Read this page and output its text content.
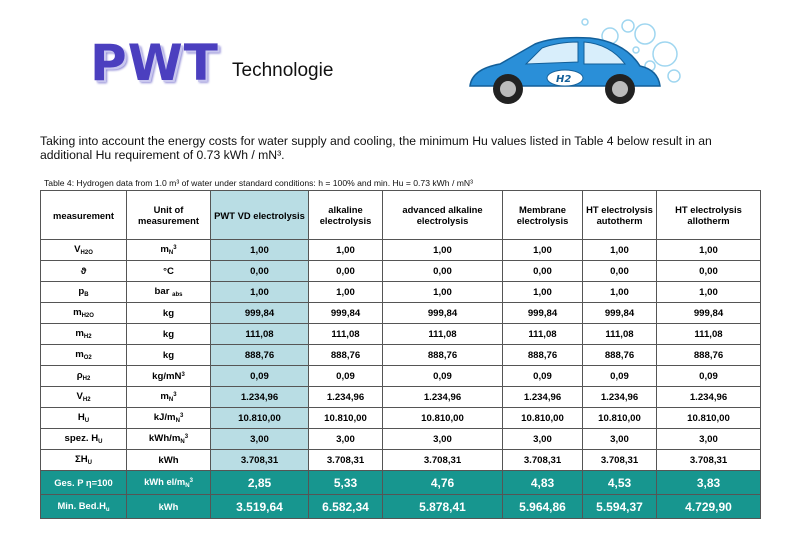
PWT Technologie	H2
Taking into account the energy costs for water supply and cooling, the minimum Hu values listed in Table 4 below result in an additional Hu requirement of 0.73 kWh / mN³.
Table 4: Hydrogen data from 1.0 m³ of water under standard conditions: h = 100% and min. Hu = 0.73 kWh / mN³
measurement	Unit of measurement	PWT VD electrolysis	alkaline electrolysis	advanced alkaline electrolysis	Membrane electrolysis	HT electrolysis autotherm	HT electrolysis allotherm
$V_{H2O}$	$m_N^3$	1,00	1,00	1,00	1,00	1,00	1,00
ϑ	°C	0,00	0,00	0,00	0,00	0,00	0,00
$p_B$	bar $_{abs}$	1,00	1,00	1,00	1,00	1,00	1,00
$m_{H2O}$	kg	999,84	999,84	999,84	999,84	999,84	999,84
$m_{H2}$	kg	111,08	111,08	111,08	111,08	111,08	111,08
$m_{O2}$	kg	888,76	888,76	888,76	888,76	888,76	888,76
$\rho_{H2}$	$kg/mN^3$	0,09	0,09	0,09	0,09	0,09	0,09
$V_{H2}$	$m_N^3$	1.234,96	1.234,96	1.234,96	1.234,96	1.234,96	1.234,96
$H_U$	$kJ/m_N^3$	10.810,00	10.810,00	10.810,00	10.810,00	10.810,00	10.810,00
spez. $H_U$	kWh/$m_N^3$	3,00	3,00	3,00	3,00	3,00	3,00
$\Sigma H_U$	kWh	3.708,31	3.708,31	3.708,31	3.708,31	3.708,31	3.708,31
Ges. P η=100	kWh $el/m_N^3$	2,85	5,33	4,76	4,83	4,53	3,83
Min. $Bed.H_u$	kWh	3.519,64	6.582,34	5.878,41	5.964,86	5.594,37	4.729,90
